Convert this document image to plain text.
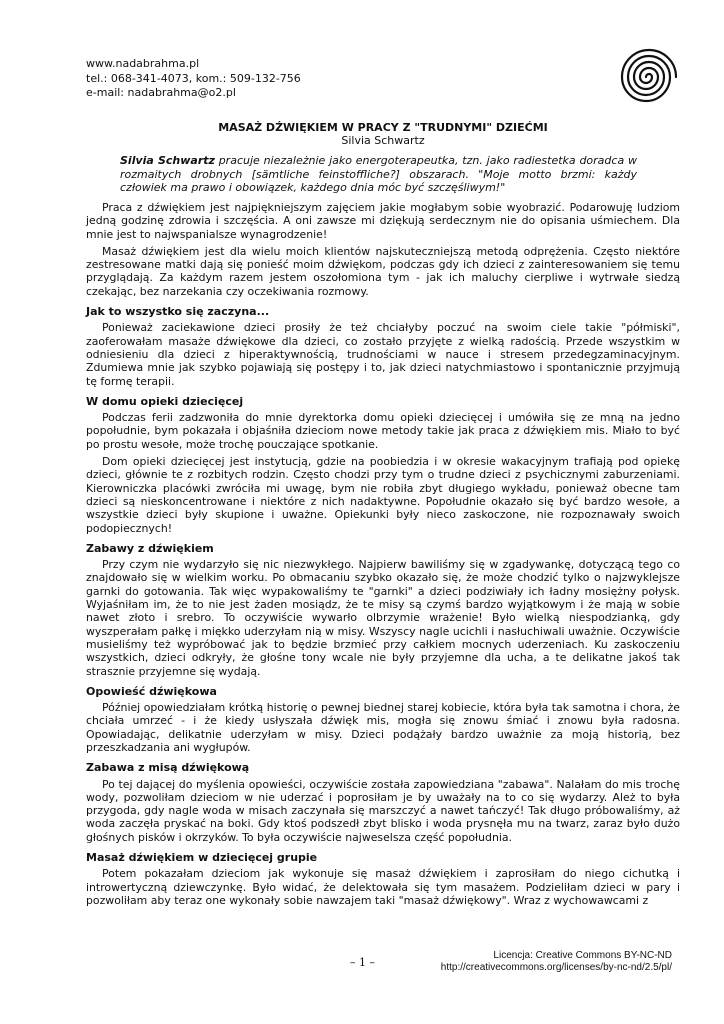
www.nadabrahma.pl
tel.: 068-341-4073, kom.: 509-132-756
e-mail: nadabrahma@o2.pl
MASAŻ DŹWIĘKIEM W PRACY Z "TRUDNYMI" DZIEĆMI
Silvia Schwartz
Silvia Schwartz pracuje niezależnie jako energoterapeutka, tzn. jako radiestetka doradca w rozmaitych drobnych [sämtliche feinstoffliche?] obszarach. "Moje motto brzmi: każdy człowiek ma prawo i obowiązek, każdego dnia móc być szczęśliwym!"

Praca z dźwiękiem jest najpiękniejszym zajęciem jakie mogłabym sobie wyobrazić. Podarowuję ludziom jedną godzinę zdrowia i szczęścia. A oni zawsze mi dziękują serdecznym nie do opisania uśmiechem. Dla mnie jest to najwspanialsze wynagrodzenie!

Masaż dźwiękiem jest dla wielu moich klientów najskuteczniejszą metodą odprężenia. Często niektóre zestresowane matki dają się ponieść moim dźwiękom, podczas gdy ich dzieci z zainteresowaniem się temu przyglądają. Za każdym razem jestem oszołomiona tym - jak ich maluchy cierpliwe i wytrwałe siedzą czekając, bez narzekania czy oczekiwania rozmowy.

Jak to wszystko się zaczyna...

Ponieważ zaciekawione dzieci prosiły że też chciałyby poczuć na swoim ciele takie "półmiski", zaoferowałam masaże dźwiękowe dla dzieci, co zostało przyjęte z wielką radością. Przede wszystkim w odniesieniu dla dzieci z hiperaktywnością, trudnościami w nauce i stresem przedegzaminacyjnym. Zdumiewa mnie jak szybko pojawiają się postępy i to, jak dzieci natychmiastowo i spontanicznie przyjmują tę formę terapii.

W domu opieki dziecięcej

Podczas ferii zadzwoniła do mnie dyrektorka domu opieki dziecięcej i umówiła się ze mną na jedno popołudnie, bym pokazała i objaśniła dzieciom nowe metody takie jak praca z dźwiękiem mis. Miało to być po prostu wesołe, może trochę pouczające spotkanie.

Dom opieki dziecięcej jest instytucją, gdzie na poobiedzia i w okresie wakacyjnym trafiają pod opiekę dzieci, głównie te z rozbitych rodzin. Często chodzi przy tym o trudne dzieci z psychicznymi zaburzeniami. Kierowniczka placówki zwróciła mi uwagę, bym nie robiła zbyt długiego wykładu, ponieważ obecne tam dzieci są nieskoncentrowane i niektóre z nich nadaktywne. Popołudnie okazało się być bardzo wesołe, a wszystkie dzieci były skupione i uważne. Opiekunki były nieco zaskoczone, nie rozpoznawały swoich podopiecznych!

Zabawy z dźwiękiem

Przy czym nie wydarzyło się nic niezwykłego. Najpierw bawiliśmy się w zgadywankę, dotyczącą tego co znajdowało się w wielkim worku. Po obmacaniu szybko okazało się, że może chodzić tylko o najzwyklejsze garnki do gotowania. Tak więc wypakowaliśmy te "garnki" a dzieci podziwiały ich ładny mosiężny połysk. Wyjaśniłam im, że to nie jest żaden mosiądz, że te misy są czymś bardzo wyjątkowym i że mają w sobie nawet złoto i srebro. To oczywiście wywarło olbrzymie wrażenie! Było wielką niespodzianką, gdy wyszperałam pałkę i miękko uderzyłam nią w misy. Wszyscy nagle ucichli i nasłuchiwali uważnie. Oczywiście musieliśmy też wypróbować jak to będzie brzmieć przy całkiem mocnych uderzeniach. Ku zaskoczeniu wszystkich, dzieci odkryły, że głośne tony wcale nie były przyjemne dla ucha, a te delikatne jakoś tak strasznie przyjemne się wydają.

Opowieść dźwiękowa

Później opowiedziałam krótką historię o pewnej biednej starej kobiecie, która była tak samotna i chora, że chciała umrzeć - i że kiedy usłyszała dźwięk mis, mogła się znowu śmiać i znowu była radosna. Opowiadając, delikatnie uderzyłam w misy. Dzieci podążały bardzo uważnie za moją historią, bez przeszkadzania ani wygłupów.

Zabawa z misą dźwiękową

Po tej dającej do myślenia opowieści, oczywiście została zapowiedziana "zabawa". Nalałam do mis trochę wody, pozwoliłam dzieciom w nie uderzać i poprosiłam je by uważały na to co się wydarzy. Ależ to była przygoda, gdy nagle woda w misach zaczynała się marszczyć a nawet tańczyć! Tak długo próbowaliśmy, aż woda zaczęła pryskać na boki. Gdy ktoś podszedł zbyt blisko i woda prysnęła mu na twarz, zaraz było dużo głośnych pisków i okrzyków. To była oczywiście najweselsza część popołudnia.

Masaż dźwiękiem w dziecięcej grupie

Potem pokazałam dzieciom jak wykonuje się masaż dźwiękiem i zaprosiłam do niego cichutką i introwertyczną dziewczynkę. Było widać, że delektowała się tym masażem. Podzieliłam dzieci w pary i pozwoliłam aby teraz one wykonały sobie nawzajem taki "masaż dźwiękowy". Wraz z wychowawcami z

– 1 –
Licencja: Creative Commons BY-NC-ND
http://creativecommons.org/licenses/by-nc-nd/2.5/pl/
